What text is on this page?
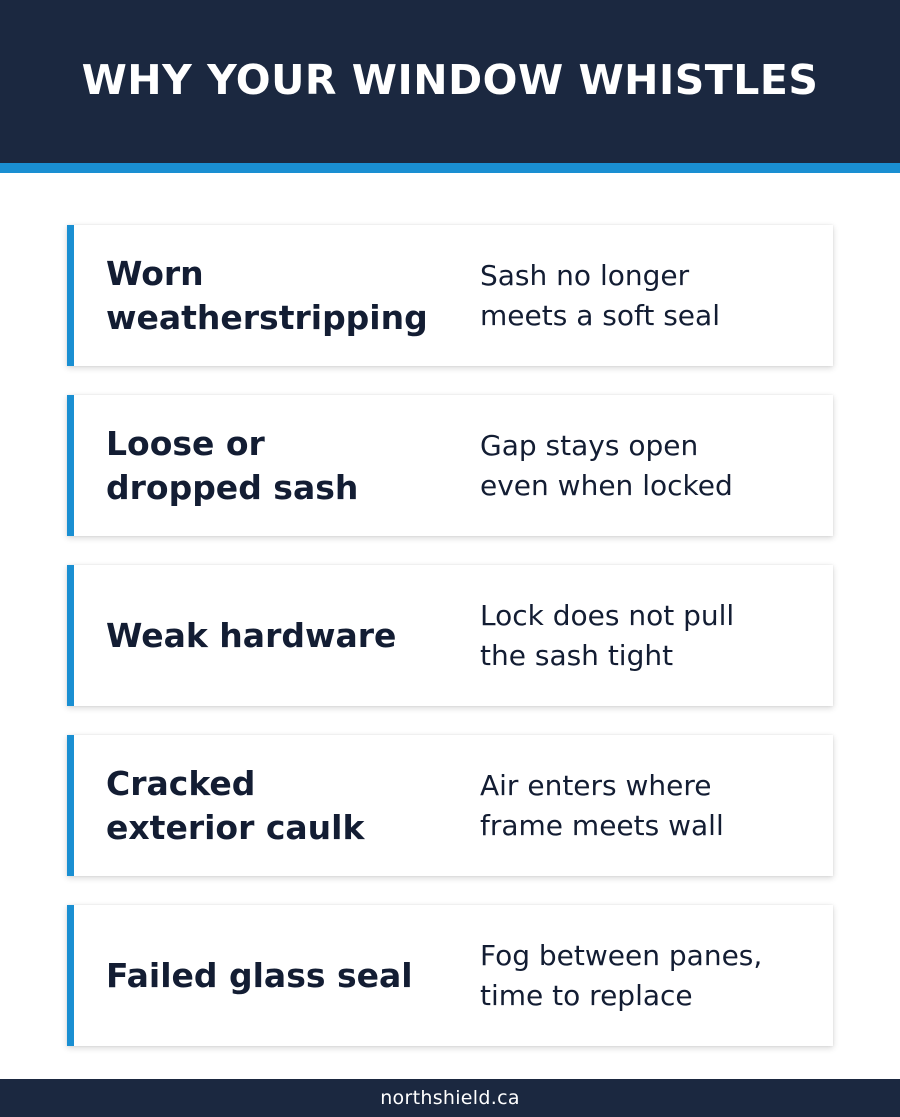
WHY YOUR WINDOW WHISTLES
Worn
weatherstripping
Sash no longer
meets a soft seal
Loose or
dropped sash
Gap stays open
even when locked
Weak hardware
Lock does not pull
the sash tight
Cracked
exterior caulk
Air enters where
frame meets wall
Failed glass seal
Fog between panes,
time to replace
northshield.ca
